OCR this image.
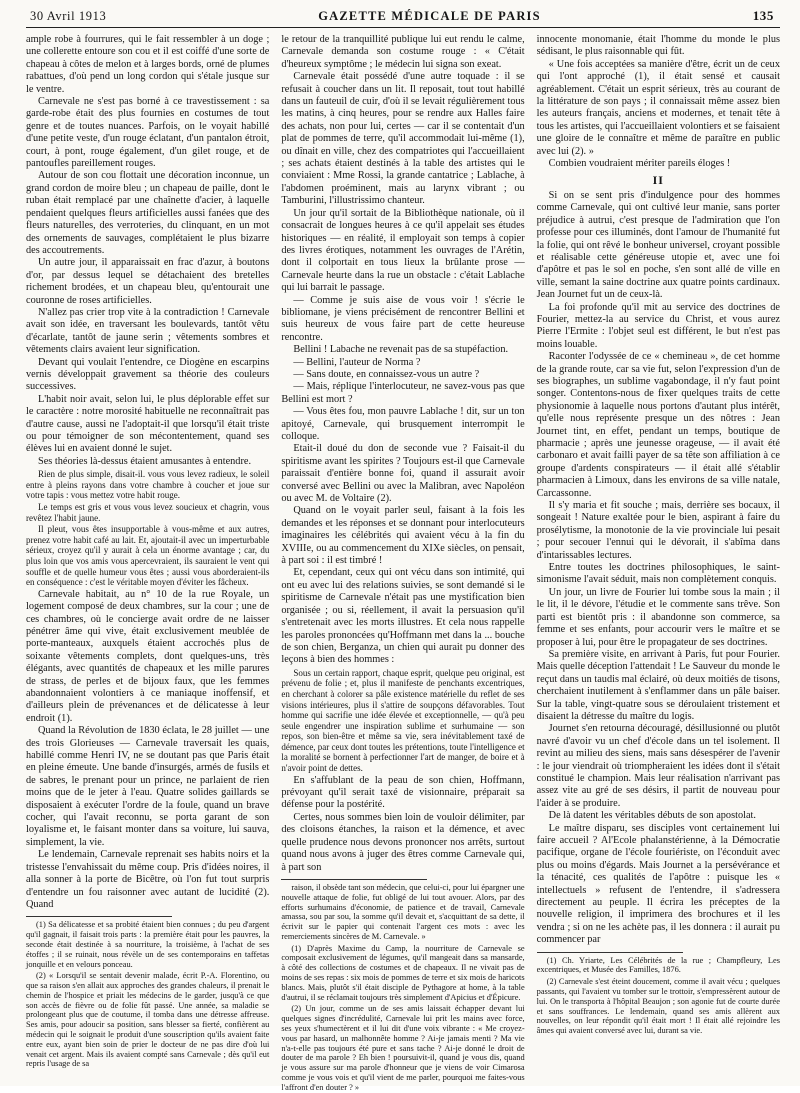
30 Avril 1913	GAZETTE MÉDICALE DE PARIS	135

ample robe à fourrures, qui le fait ressembler à un doge ; une collerette entoure son cou et il est coiffé d'une sorte de chapeau à côtes de melon et à larges bords, orné de plumes rabattues, d'où pend un long cordon qui s'étale jusque sur le ventre.

Carnevale ne s'est pas borné à ce travestissement : sa garde-robe était des plus fournies en costumes de tout genre et de toutes nuances. Parfois, on le voyait habillé d'une petite veste, d'un rouge éclatant, d'un pantalon étroit, court, à pont, rouge également, d'un gilet rouge, et de pantoufles pareillement rouges.

Autour de son cou flottait une décoration inconnue, un grand cordon de moire bleu ; un chapeau de paille, dont le ruban était remplacé par une chaînette d'acier, à laquelle pendaient quelques fleurs artificielles aussi fanées que des fleurs naturelles, des verroteries, du clinquant, en un mot des ornements de sauvages, complétaient le plus bizarre des accoutrements.

Un autre jour, il apparaissait en frac d'azur, à boutons d'or, par dessus lequel se détachaient des bretelles richement brodées, et un chapeau bleu, qu'entourait une couronne de roses artificielles.

N'allez pas crier trop vite à la contradiction ! Carnevale avait son idée, en traversant les boulevards, tantôt vêtu d'écarlate, tantôt de jaune serin ; vêtements sombres et vêtements clairs avaient leur signification.

Devant qui voulait l'entendre, ce Diogène en escarpins vernis développait gravement sa théorie des couleurs successives.

L'habit noir avait, selon lui, le plus déplorable effet sur le caractère : notre morosité habituelle ne reconnaîtrait pas d'autre cause, aussi ne l'adoptait-il que lorsqu'il était triste ou pour témoigner de son mécontentement, quand ses élèves lui en avaient donné le sujet.

Ses théories là-dessus étaient amusantes à entendre.

Rien de plus simple, disait-il. vous vous levez radieux, le soleil entre à pleins rayons dans votre chambre à coucher et joue sur votre tapis : vous mettez votre habit rouge.

Le temps est gris et vous vous levez soucieux et chagrin, vous revêtez l'habit jaune.

Il pleut, vous êtes insupportable à vous-même et aux autres, prenez votre habit café au lait. Et, ajoutait-il avec un imperturbable sérieux, croyez qu'il y aurait à cela un énorme avantage ; car, du plus loin que vos amis vous apercevraient, ils sauraient le vent qui souffle et de quelle humeur vous êtes ; aussi vous aborderaient-ils en conséquence : c'est le véritable moyen d'éviter les fâcheux.

Carnevale habitait, au n° 10 de la rue Royale, un logement composé de deux chambres, sur la cour ; une de ces chambres, où le concierge avait ordre de ne laisser pénétrer âme qui vive, était exclusivement meublée de porte-manteaux, auxquels étaient accrochés plus de soixante vêtements complets, dont quelques-uns, très élégants, avec quantités de chapeaux et les mille parures de strass, de perles et de bijoux faux, que les femmes abandonnaient volontiers à ce maniaque inoffensif, et d'ailleurs plein de prévenances et de délicatesse à leur endroit (1).

Quand la Révolution de 1830 éclata, le 28 juillet — une des trois Glorieuses — Carnevale traversait les quais, habillé comme Henri IV, ne se doutant pas que Paris était en pleine émeute. Une bande d'insurgés, armés de fusils et de sabres, le prenant pour un prince, ne parlaient de rien moins que de le jeter à l'eau. Quatre solides gaillards se disposaient à exécuter l'ordre de la foule, quand un brave cocher, qui l'avait reconnu, se porta garant de son loyalisme et, le faisant monter dans sa voiture, lui sauva, simplement, la vie.

Le lendemain, Carnevale reprenait ses habits noirs et la tristesse l'envahissait du même coup. Pris d'idées noires, il alla sonner à la porte de Bicêtre, où l'on fut tout surpris d'entendre un fou raisonner avec autant de lucidité (2). Quand

(1) Sa délicatesse et sa probité étaient bien connues ; du peu d'argent qu'il gagnait, il faisait trois parts : la première était pour les pauvres, la seconde était destinée à sa nourriture, la troisième, à l'achat de ses étoffes ; il se ruinait, nous révèle un de ses contemporains en taffetas jonquille et en velours ponceau.

(2) « Lorsqu'il se sentait devenir malade, écrit P.-A. Florentino, ou que sa raison s'en allait aux approches des grandes chaleurs, il prenait le chemin de l'hospice et priait les médecins de le garder, jusqu'à ce que son accès de fièvre ou de folie fût passé. Une année, sa maladie se prolongeant plus que de coutume, il tomba dans une détresse affreuse. Ses amis, pour adoucir sa position, sans blesser sa fierté, confièrent au médecin qui le soignait le produit d'une souscription qu'ils avaient faite entre eux, ayant bien soin de prier le docteur de ne pas dire d'où lui venait cet argent. Mais ils avaient compté sans Carnevale ; dès qu'il eut repris l'usage de sa

le retour de la tranquillité publique lui eut rendu le calme, Carnevale demanda son costume rouge : « C'était d'heureux symptôme ; le médecin lui signa son exeat.

Carnevale était possédé d'une autre toquade : il se refusait à coucher dans un lit. Il reposait, tout tout habillé dans un fauteuil de cuir, d'où il se levait régulièrement tous les matins, à cinq heures, pour se rendre aux Halles faire des achats, non pour lui, certes — car il se contentait d'un plat de pommes de terre, qu'il accommodait lui-même (1), ou dînait en ville, chez des compatriotes qui l'accueillaient ; ses achats étaient destinés à la table des artistes qui le conviaient : Mme Rossi, la grande cantatrice ; Lablache, à l'abdomen proéminent, mais au larynx vibrant ; ou Tamburini, l'illustrissimo chanteur.

Un jour qu'il sortait de la Bibliothèque nationale, où il consacrait de longues heures à ce qu'il appelait ses études historiques — en réalité, il employait son temps à copier des livres érotiques, notamment les ouvrages de l'Arétin, dont il colportait en tous lieux la brûlante prose — Carnevale heurte dans la rue un obstacle : c'était Lablache qui lui barrait le passage.

— Comme je suis aise de vous voir ! s'écrie le bibliomane, je viens précisément de rencontrer Bellini et suis heureux de vous faire part de cette heureuse rencontre.

Bellini ! Labache ne revenait pas de sa stupéfaction.

— Bellini, l'auteur de Norma ?

— Sans doute, en connaissez-vous un autre ?

— Mais, réplique l'interlocuteur, ne savez-vous pas que Bellini est mort ?

— Vous êtes fou, mon pauvre Lablache ! dit, sur un ton apitoyé, Carnevale, qui brusquement interrompit le colloque.

Etait-il doué du don de seconde vue ? Faisait-il du spiritisme avant les spirites ? Toujours est-il que Carnevale paraissait d'entière bonne foi, quand il assurait avoir conversé avec Bellini ou avec la Malibran, avec Napoléon ou avec M. de Voltaire (2).

Quand on le voyait parler seul, faisant à la fois les demandes et les réponses et se donnant pour interlocuteurs imaginaires les célébrités qui avaient vécu à la fin du XVIIIe, ou au commencement du XIXe siècles, on pensait, à part soi : il est timbré !

Et, cependant, ceux qui ont vécu dans son intimité, qui ont eu avec lui des relations suivies, se sont demandé si le spiritisme de Carnevale n'était pas une mystification bien organisée ; ou si, réellement, il avait la persuasion qu'il s'entretenait avec les morts illustres. Et cela nous rappelle les paroles prononcées qu'Hoffmann met dans la ... bouche de son chien, Berganza, un chien qui aurait pu donner des leçons à bien des hommes :

Sous un certain rapport, chaque esprit, quelque peu original, est prévenu de folie ; et, plus il manifeste de penchants excentriques, en cherchant à colorer sa pâle existence matérielle du reflet de ses visions intérieures, plus il s'attire de soupçons défavorables. Tout homme qui sacrifie une idée élevée et exceptionnelle, — qu'à peu seule engendrer une inspiration sublime et surhumaine — son repos, son bien-être et même sa vie, sera inévitablement taxé de démence, par ceux dont toutes les prétentions, toute l'intelligence et la moralité se bornent à perfectionner l'art de manger, de boire et à n'avoir point de dettes.

En s'affublant de la peau de son chien, Hoffmann, prévoyant qu'il serait taxé de visionnaire, préparait sa défense pour la postérité.

Certes, nous sommes bien loin de vouloir délimiter, par des cloisons étanches, la raison et la démence, et avec quelle prudence nous devons prononcer nos arrêts, surtout quand nous avons à juger des êtres comme Carnevale qui, à part son

raison, il obsède tant son médecin, que celui-ci, pour lui épargner une nouvelle attaque de folie, fut obligé de lui tout avouer. Alors, par des efforts surhumains d'économie, de patience et de travail, Carnevale amassa, sou par sou, la somme qu'il devait et, s'acquittant de sa dette, il écrivit sur le papier qui contenait l'argent ces mots : avec les remerciements sincères de M. Carnevale. »

(1) D'après Maxime du Camp, la nourriture de Carnevale se composait exclusivement de légumes, qu'il mangeait dans sa mansarde, à côté des collections de costumes et de chapeaux. Il ne vivait pas de moins de ses repas : six mois de pommes de terre et six mois de haricots blancs. Mais, plutôt s'il était disciple de Pythagore at home, à la table d'autrui, il se réclamait toujours très simplement d'Apicius et d'Épicure.

(2) Un jour, comme un de ses amis laissait échapper devant lui quelques signes d'incrédulité, Carnevale lui prit les mains avec force, ses yeux s'humectèrent et il lui dit d'une voix vibrante : « Me croyez-vous par hasard, un malhonnête homme ? Ai-je jamais menti ? Ma vie n'a-t-elle pas toujours été pure et sans tache ? Ai-je donné le droit de douter de ma parole ? Eh bien ! poursuivit-il, quand je vous dis, quand je vous assure sur ma parole d'honneur que je viens de voir Cimarosa comme je vous vois et qu'il vient de me parler, pourquoi me faites-vous l'affront d'en douter ? »

innocente monomanie, était l'homme du monde le plus sédisant, le plus raisonnable qui fût.

« Une fois acceptées sa manière d'être, écrit un de ceux qui l'ont approché (1), il était sensé et causait agréablement. C'était un esprit sérieux, très au courant de la littérature de son pays ; il connaissait même assez bien les auteurs français, anciens et modernes, et tenait tête à tous les artistes, qui l'accueillaient volontiers et se faisaient une gloire de le connaître et même de paraître en public avec lui (2). »

Combien voudraient mériter pareils éloges !

II

Si on se sent pris d'indulgence pour des hommes comme Carnevale, qui ont cultivé leur manie, sans porter préjudice à autrui, c'est presque de l'admiration que l'on professe pour ces illuminés, dont l'amour de l'humanité fut la folie, qui ont rêvé le bonheur universel, croyant possible et réalisable cette généreuse utopie et, avec une foi d'apôtre et pas le sol en poche, s'en sont allé de ville en ville, semant la saine doctrine aux quatre points cardinaux. Jean Journet fut un de ceux-là.

La foi profonde qu'il mit au service des doctrines de Fourier, mettez-la au service du Christ, et vous aurez Pierre l'Ermite : l'objet seul est différent, le but n'est pas moins louable.

Raconter l'odyssée de ce « chemineau », de cet homme de la grande route, car sa vie fut, selon l'expression d'un de ses biographes, un sublime vagabondage, il n'y faut point songer. Contentons-nous de fixer quelques traits de cette physionomie à laquelle nous portons d'autant plus intérêt, qu'elle nous représente presque un des nôtres : Jean Journet tint, en effet, pendant un temps, boutique de pharmacie ; après une jeunesse orageuse, — il avait été carbonaro et avait failli payer de sa tête son affiliation à ce groupe d'ardents conspirateurs — il était allé s'établir pharmacien à Limoux, dans les environs de sa ville natale, Carcassonne.

Il s'y maria et fit souche ; mais, derrière ses bocaux, il songeait ! Nature exaltée pour le bien, aspirant à faire du prosélytisme, la monotonie de la vie provinciale lui pesait ; pour secouer l'ennui qui le dévorait, il s'abîma dans d'intarissables lectures.

Entre toutes les doctrines philosophiques, le saint-simonisme l'avait séduit, mais non complètement conquis.

Un jour, un livre de Fourier lui tombe sous la main ; il le lit, il le dévore, l'étudie et le commente sans trêve. Son parti est bientôt pris : il abandonne son commerce, sa femme et ses enfants, pour accourir vers le maître et se proposer à lui, pour être le propagateur de ses doctrines.

Sa première visite, en arrivant à Paris, fut pour Fourier. Mais quelle déception l'attendait ! Le Sauveur du monde le reçut dans un taudis mal éclairé, où deux moitiés de tisons, cherchaient inutilement à s'enflammer dans un pâle baiser. Sur la table, vingt-quatre sous se déroulaient tristement et disaient la détresse du maître du logis.

Journet s'en retourna découragé, désillusionné ou plutôt navré d'avoir vu un chef d'école dans un tel isolement. Il revint au milieu des siens, mais sans désespérer de l'avenir : le jour viendrait où triompheraient les idées dont il s'était constitué le champion. Mais leur réalisation n'arrivant pas assez vite au gré de ses désirs, il partit de nouveau pour l'aider à se produire.

De là datent les véritables débuts de son apostolat.

Le maître disparu, ses disciples vont certainement lui faire accueil ? Al'Ecole phalanstérienne, à la Démocratie pacifique, organe de l'école fouriériste, on l'éconduit avec plus ou moins d'égards. Mais Journet a la persévérance et la ténacité, ces qualités de l'apôtre : puisque les « intellectuels » refusent de l'entendre, il s'adressera directement au peuple. Il écrira les préceptes de la nouvelle religion, il imprimera des brochures et il les vendra ; si on ne les achète pas, il les donnera : il aurait pu commencer par

(1) Ch. Yriarte, Les Célébrités de la rue ; Champfleury, Les excentriques, et Musée des Familles, 1876.

(2) Carnevale s'est éteint doucement, comme il avait vécu ; quelques passants, qui l'avaient vu tomber sur le trottoir, s'empressèrent autour de lui. On le transporta à l'hôpital Beaujon ; son agonie fut de courte durée et sans souffrances. Le lendemain, quand ses amis allèrent aux nouvelles, on leur répondit qu'il était mort ! Il était allé rejoindre les âmes qui avaient conversé avec lui, durant sa vie.
